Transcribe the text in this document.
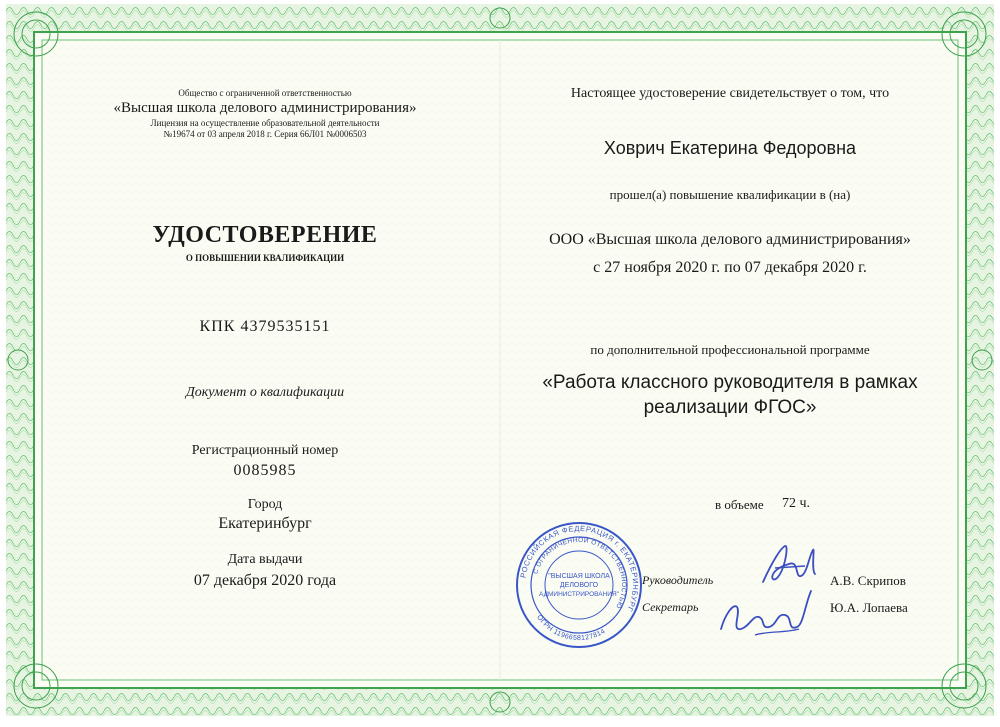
Общество с ограниченной ответственностью
«Высшая школа делового администрирования»
Лицензия на осуществление образовательной деятельности
№19674 от 03 апреля 2018 г. Серия 66Л01 №0006503
УДОСТОВЕРЕНИЕ
О ПОВЫШЕНИИ КВАЛИФИКАЦИИ
КПК 4379535151
Документ о квалификации
Регистрационный номер
0085985
Город
Екатеринбург
Дата выдачи
07 декабря 2020 года
Настоящее удостоверение свидетельствует о том, что
Ховрич Екатерина Федоровна
прошел(а) повышение квалификации в (на)
ООО «Высшая школа делового администрирования»
с 27 ноября 2020 г. по 07 декабря 2020 г.
по дополнительной профессиональной программе
«Работа классного руководителя в рамках
реализации ФГОС»
в объеме 72 ч.
Руководитель	А.В. Скрипов
Секретарь	Ю.А. Лопаева
РОССИЙСКАЯ ФЕДЕРАЦИЯ г. ЕКАТЕРИНБУРГ
С ОГРАНИЧЕННОЙ ОТВЕТСТВЕННОСТЬЮ
ОГРН 1196658127814
"ВЫСШАЯ ШКОЛА
ДЕЛОВОГО
АДМИНИСТРИРОВАНИЯ"
